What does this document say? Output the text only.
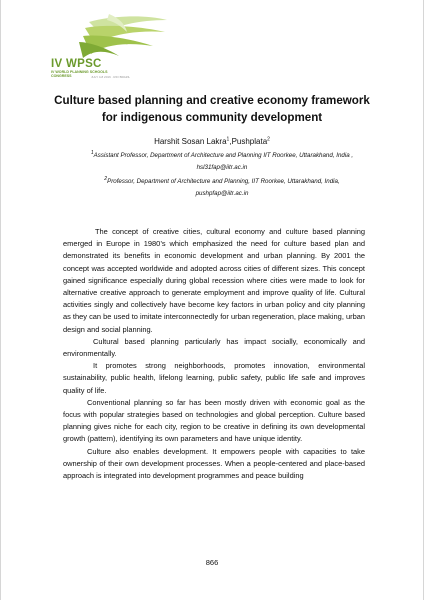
IV WPSC
IV WORLD PLANNING SCHOOLS CONGRESS	JULY 4-8 2016 · RIO BRAZIL
Culture based planning and creative economy framework
for indigenous community development
Harshit Sosan Lakra$^1$,Pushplata$^2$
$^1$Assistant Professor, Department of Architecture and Planning IIT Roorkee, Uttarakhand, India ,
hsl31fap@iitr.ac.in
$^2$Professor, Department of Architecture and Planning, IIT Roorkee, Uttarakhand, India,
pushpfap@iitr.ac.in

The concept of creative cities, cultural economy and culture based planning emerged in Europe in 1980’s which emphasized the need for culture based plan and demonstrated its benefits in economic development and urban planning. By 2001 the concept was accepted worldwide and adopted across cities of different sizes. This concept gained significance especially during global recession where cities were made to look for alternative creative approach to generate employment and improve quality of life. Cultural activities singly and collectively have become key factors in urban policy and city planning as they can be used to imitate interconnectedly for urban regeneration, place making, urban design and social planning.

Cultural based planning particularly has impact socially, economically and environmentally.

It promotes strong neighborhoods, promotes innovation, environmental sustainability, public health, lifelong learning, public safety, public life safe and improves quality of life.

Conventional planning so far has been mostly driven with economic goal as the focus with popular strategies based on technologies and global perception. Culture based planning gives niche for each city, region to be creative in defining its own developmental growth (pattern), identifying its own parameters and have unique identity.

Culture also enables development. It empowers people with capacities to take ownership of their own development processes. When a people-centered and place-based approach is integrated into development programmes and peace building

866
